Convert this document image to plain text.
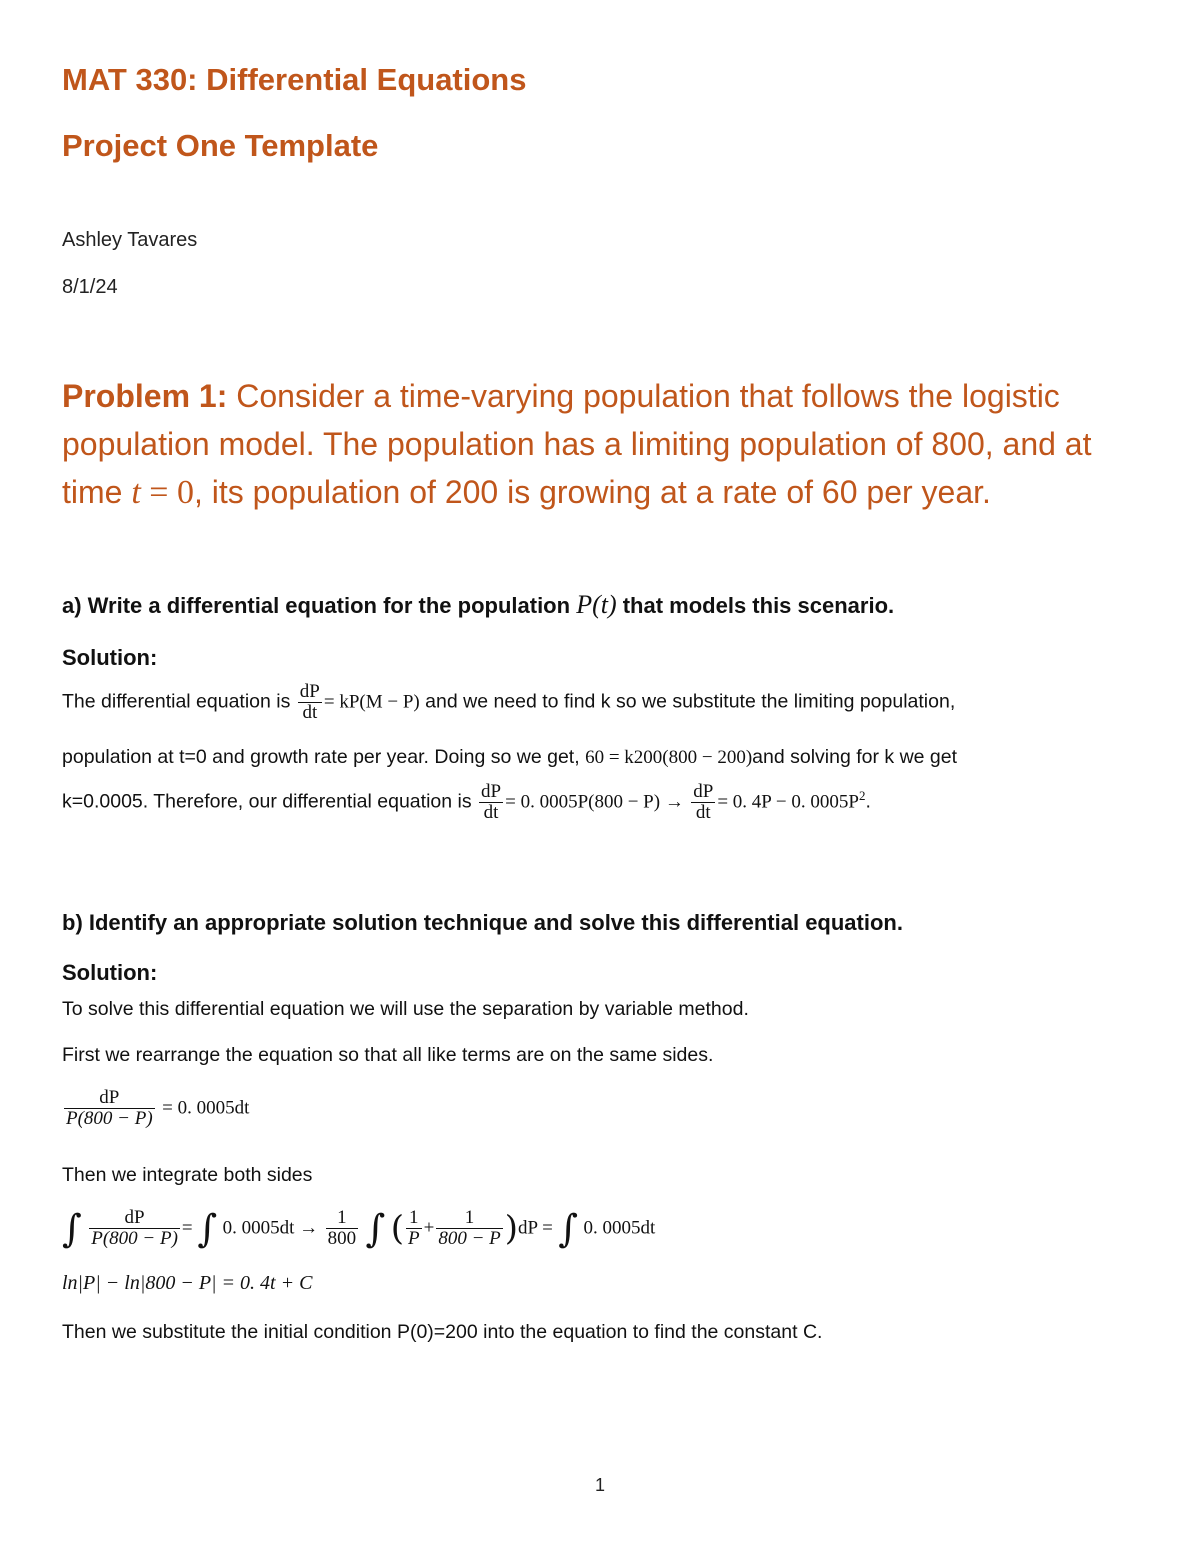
MAT 330: Differential Equations
Project One Template
Ashley Tavares
8/1/24
Problem 1: Consider a time-varying population that follows the logistic population model. The population has a limiting population of 800, and at time t = 0, its population of 200 is growing at a rate of 60 per year.
a) Write a differential equation for the population P(t) that models this scenario.
Solution:
The differential equation is $\frac{dP}{dt} = kP(M - P)$ and we need to find k so we substitute the limiting population,
population at t=0 and growth rate per year. Doing so we get, 60 = k200(800 − 200)and solving for k we get
k=0.0005. Therefore, our differential equation is $\frac{dP}{dt} = 0$. $0005P(800 - P) \to \frac{dP}{dt} = 0$. 4P − 0. $0005P^2$.
b) Identify an appropriate solution technique and solve this differential equation.
Solution:
To solve this differential equation we will use the separation by variable method.
First we rearrange the equation so that all like terms are on the same sides.
$\frac{dP}{P(800 - P)} = 0$. 0005dt
Then we integrate both sides
∫ $\frac{dP}{P(800 - P)}$ = ∫ 0. $0005dt \to \frac{1}{800}$ ∫ ( $\frac{1}{P} + \frac{1}{800 - P} )dP$ = ∫ 0. 0005dt
ln|P| − ln|800 − P| = 0. 4t + C
Then we substitute the initial condition P(0)=200 into the equation to find the constant C.
1
